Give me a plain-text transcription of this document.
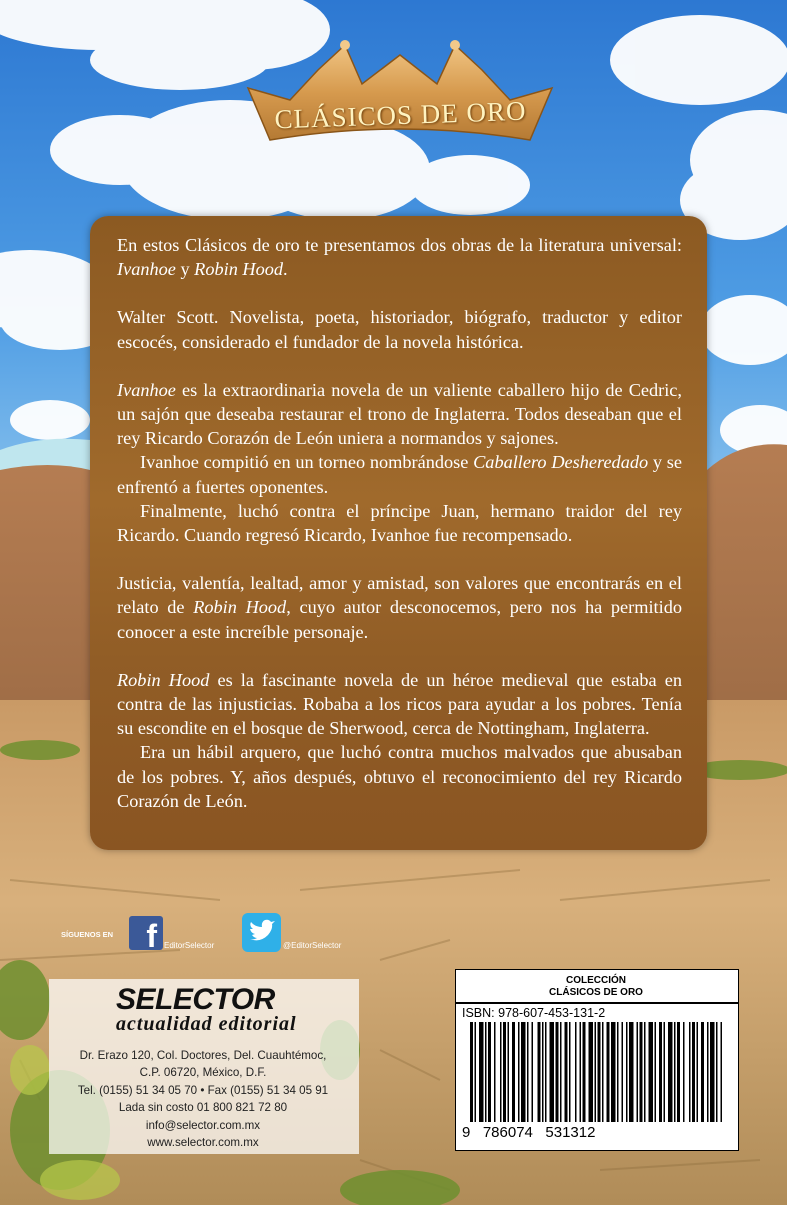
CLÁSICOS DE ORO

En estos Clásicos de oro te presentamos dos obras de la literatura universal: Ivanhoe y Robin Hood.

Walter Scott. Novelista, poeta, historiador, biógrafo, traductor y editor escocés, considerado el fundador de la novela histórica.

Ivanhoe es la extraordinaria novela de un valiente caballero hijo de Cedric, un sajón que deseaba restaurar el trono de Inglaterra. Todos deseaban que el rey Ricardo Corazón de León uniera a normandos y sajones.

Ivanhoe compitió en un torneo nombrándose Caballero Desheredado y se enfrentó a fuertes oponentes.

Finalmente, luchó contra el príncipe Juan, hermano traidor del rey Ricardo. Cuando regresó Ricardo, Ivanhoe fue recompensado.

Justicia, valentía, lealtad, amor y amistad, son valores que encontrarás en el relato de Robin Hood, cuyo autor desconocemos, pero nos ha permitido conocer a este increíble personaje.

Robin Hood es la fascinante novela de un héroe medieval que estaba en contra de las injusticias. Robaba a los ricos para ayudar a los pobres. Tenía su escondite en el bosque de Sherwood, cerca de Nottingham, Inglaterra.

Era un hábil arquero, que luchó contra muchos malvados que abusaban de los pobres. Y, años después, obtuvo el reconocimiento del rey Ricardo Corazón de León.

SÍGUENOS EN	f EditorSelector	@EditorSelector
SELECTOR
actualidad editorial
Dr. Erazo 120, Col. Doctores, Del. Cuauhtémoc,
C.P. 06720, México, D.F.
Tel. (0155) 51 34 05 70 • Fax (0155) 51 34 05 91
Lada sin costo 01 800 821 72 80
info@selector.com.mx
www.selector.com.mx
COLECCIÓN
CLÁSICOS DE ORO
ISBN: 978-607-453-131-2
9   786074   531312
